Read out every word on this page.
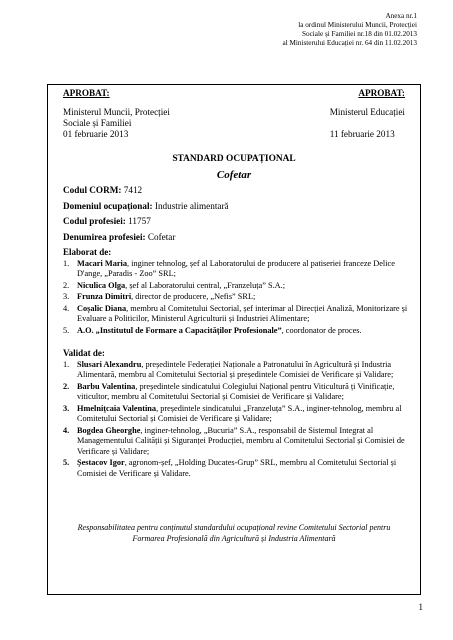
Anexa nr.1
la ordinul Ministerului Muncii, Protecției
Sociale și Familiei nr.18 din 01.02.2013
al Ministerului Educației nr. 64 din 11.02.2013
APROBAT:	APROBAT:
Ministerul Muncii, Protecției
Sociale și Familiei
01 februarie 2013
Ministerul Educației

11 februarie 2013
STANDARD OCUPAȚIONAL
Cofetar
Codul CORM: 7412
Domeniul ocupațional: Industrie alimentară
Codul profesiei: 11757
Denumirea profesiei: Cofetar
Elaborat de:
1. Macari Maria, inginer tehnolog, șef al Laboratorului de producere al patiseriei franceze Delice D'ange, „Paradis - Zoo” SRL;
2. Niculica Olga, șef al Laboratorului central, „Franzeluța” S.A.;
3. Frunza Dimitri, director de producere, „Nefis” SRL;
4. Coșalic Diana, membru al Comitetului Sectorial, șef interimar al Direcției Analiză, Monitorizare și Evaluare a Politicilor, Ministerul Agriculturii și Industriei Alimentare;
5. A.O. „Institutul de Formare a Capacităților Profesionale”, coordonator de proces.
Validat de:
1. Slusari Alexandru, președintele Federației Naționale a Patronatului în Agricultură și Industria Alimentară, membru al Comitetului Sectorial și președintele Comisiei de Verificare și Validare;
2. Barbu Valentina, președintele sindicatului Colegiului Național pentru Viticultură ți Vinificație, viticultor, membru al Comitetului Sectorial și Comisiei de Verificare și Validare;
3. Hmelnițcaia Valentina, președintele sindicatului „Franzeluța” S.A., inginer-tehnolog, membru al Comitetului Sectorial și Comisiei de Verificare și Validare;
4. Bogdea Gheorghe, inginer-tehnolog, „Bucuria” S.A., responsabil de Sistemul Integrat al Managementului Calității și Siguranței Producției, membru al Comitetului Sectorial și Comisiei de Verificare și Validare;
5. Șestacov Igor, agronom-șef, „Holding Ducates-Grup” SRL, membru al Comitetului Sectorial și Comisiei de Verificare și Validare.
Responsabilitatea pentru conținutul standardului ocupațional revine Comitetului Sectorial pentru
Formarea Profesională din Agricultură și Industria Alimentară
1
